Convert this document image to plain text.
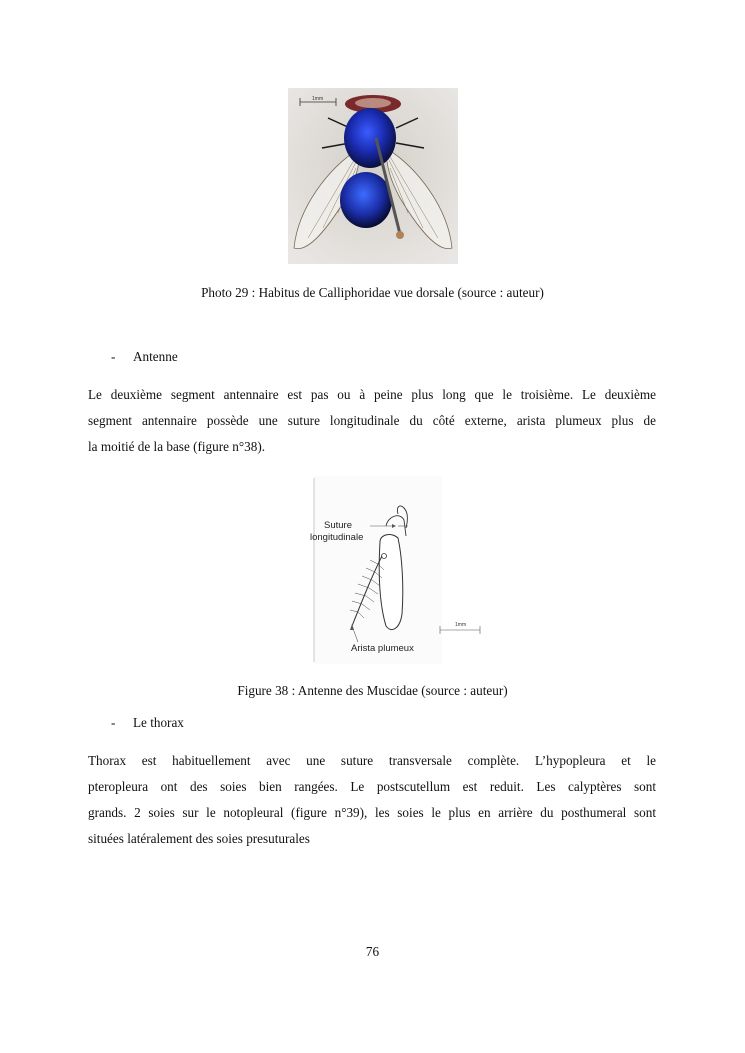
1mm
Photo 29 : Habitus de Calliphoridae vue dorsale (source : auteur)
- Antenne
Le deuxième segment antennaire est pas ou à peine plus long que le troisième. Le deuxième
segment antennaire possède une suture longitudinale du côté externe, arista plumeux plus de
la moitié de la base (figure n°38).
Suture
longitudinale
Arista plumeux
1mm
Figure 38 : Antenne des Muscidae (source : auteur)
- Le thorax
Thorax est habituellement avec une suture transversale complète. L’hypopleura et le
pteropleura ont des soies bien rangées. Le postscutellum est reduit. Les calyptères sont
grands. 2 soies sur le notopleural (figure n°39), les soies le plus en arrière du posthumeral sont
situées latéralement des soies presuturales
76
